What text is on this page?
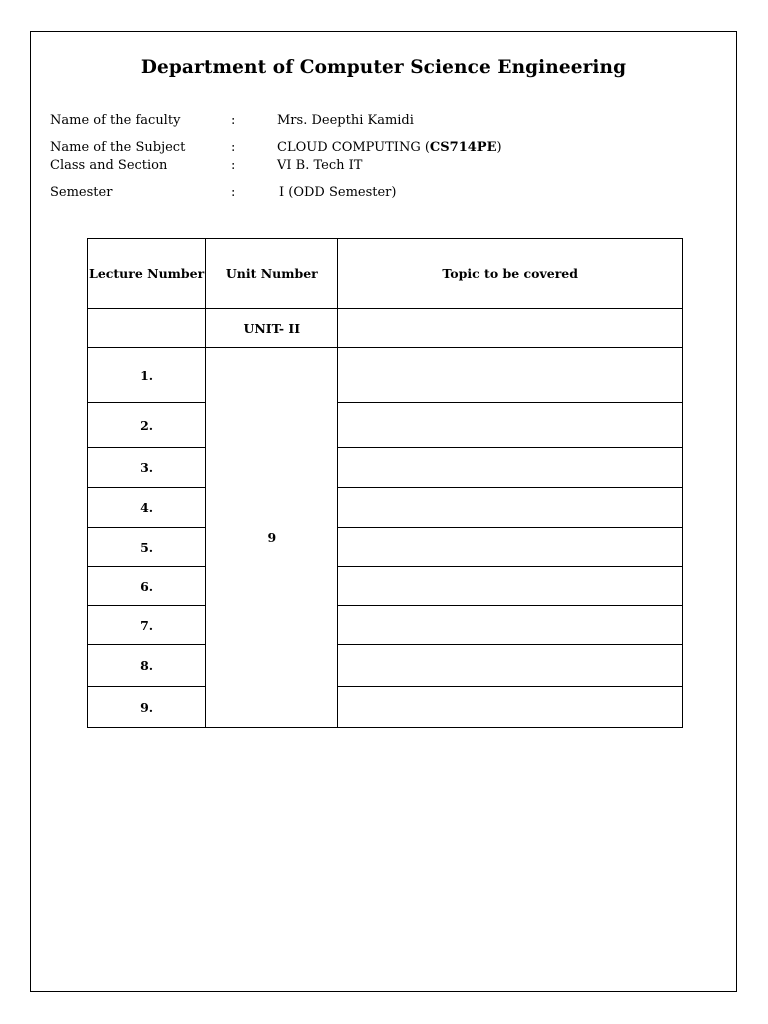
Department of Computer Science Engineering
Name of the faculty	:	Mrs. Deepthi Kamidi
Name of the Subject	:	CLOUD COMPUTING (CS714PE)
Class and Section	:	VI B. Tech IT
Semester	:	I (ODD Semester)
Lecture Number	Unit Number	Topic to be covered
	UNIT- II	
1.	9	
2.		
3.		
4.		
5.		
6.		
7.		
8.		
9.		
